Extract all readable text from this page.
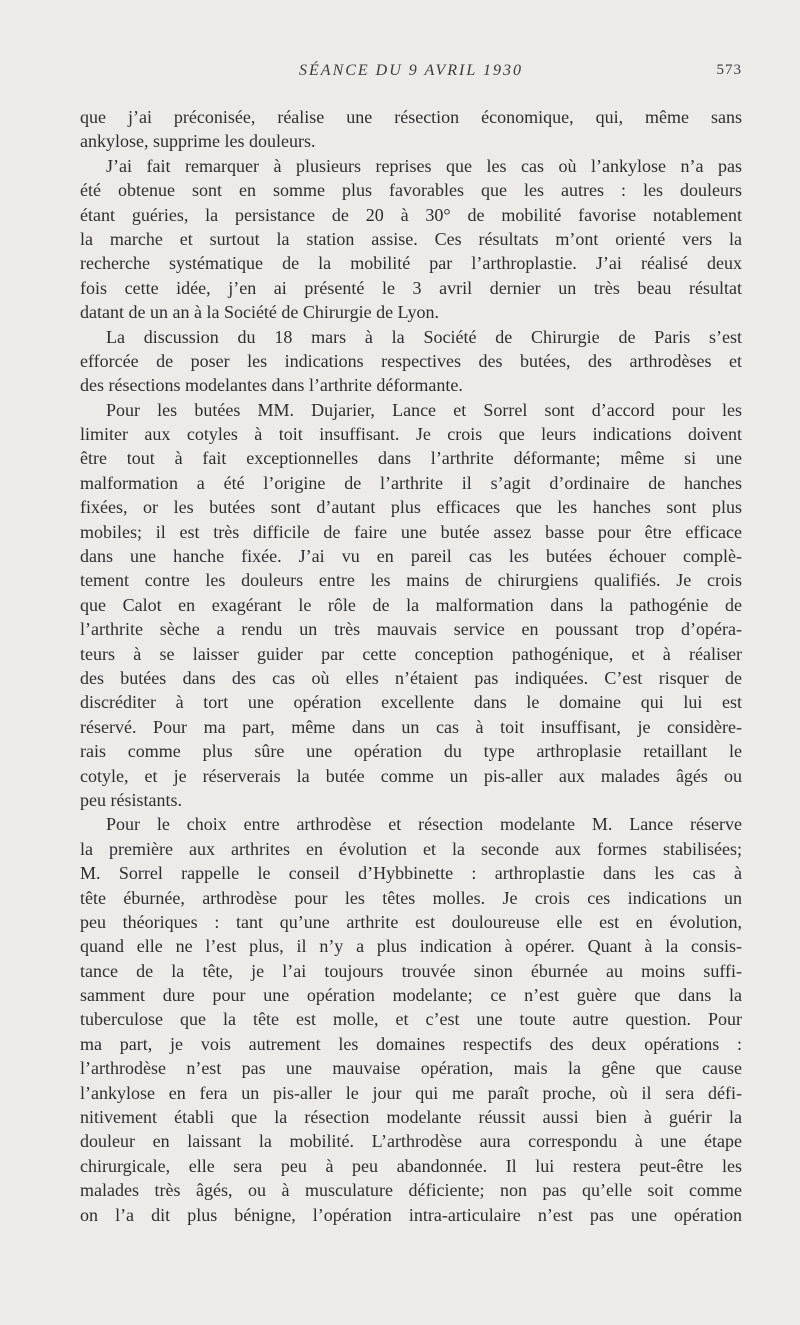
SÉANCE DU 9 AVRIL 1930	573
que j’ai préconisée, réalise une résection économique, qui, même sans
ankylose, supprime les douleurs.
J’ai fait remarquer à plusieurs reprises que les cas où l’ankylose n’a pas
été obtenue sont en somme plus favorables que les autres : les douleurs
étant guéries, la persistance de 20 à 30° de mobilité favorise notablement
la marche et surtout la station assise. Ces résultats m’ont orienté vers la
recherche systématique de la mobilité par l’arthroplastie. J’ai réalisé deux
fois cette idée, j’en ai présenté le 3 avril dernier un très beau résultat
datant de un an à la Société de Chirurgie de Lyon.
La discussion du 18 mars à la Société de Chirurgie de Paris s’est
efforcée de poser les indications respectives des butées, des arthrodèses et
des résections modelantes dans l’arthrite déformante.
Pour les butées MM. Dujarier, Lance et Sorrel sont d’accord pour les
limiter aux cotyles à toit insuffisant. Je crois que leurs indications doivent
être tout à fait exceptionnelles dans l’arthrite déformante; même si une
malformation a été l’origine de l’arthrite il s’agit d’ordinaire de hanches
fixées, or les butées sont d’autant plus efficaces que les hanches sont plus
mobiles; il est très difficile de faire une butée assez basse pour être efficace
dans une hanche fixée. J’ai vu en pareil cas les butées échouer complè-
tement contre les douleurs entre les mains de chirurgiens qualifiés. Je crois
que Calot en exagérant le rôle de la malformation dans la pathogénie de
l’arthrite sèche a rendu un très mauvais service en poussant trop d’opéra-
teurs à se laisser guider par cette conception pathogénique, et à réaliser
des butées dans des cas où elles n’étaient pas indiquées. C’est risquer de
discréditer à tort une opération excellente dans le domaine qui lui est
réservé. Pour ma part, même dans un cas à toit insuffisant, je considère-
rais comme plus sûre une opération du type arthroplasie retaillant le
cotyle, et je réserverais la butée comme un pis-aller aux malades âgés ou
peu résistants.
Pour le choix entre arthrodèse et résection modelante M. Lance réserve
la première aux arthrites en évolution et la seconde aux formes stabilisées;
M. Sorrel rappelle le conseil d’Hybbinette : arthroplastie dans les cas à
tête éburnée, arthrodèse pour les têtes molles. Je crois ces indications un
peu théoriques : tant qu’une arthrite est douloureuse elle est en évolution,
quand elle ne l’est plus, il n’y a plus indication à opérer. Quant à la consis-
tance de la tête, je l’ai toujours trouvée sinon éburnée au moins suffi-
samment dure pour une opération modelante; ce n’est guère que dans la
tuberculose que la tête est molle, et c’est une toute autre question. Pour
ma part, je vois autrement les domaines respectifs des deux opérations :
l’arthrodèse n’est pas une mauvaise opération, mais la gêne que cause
l’ankylose en fera un pis-aller le jour qui me paraît proche, où il sera défi-
nitivement établi que la résection modelante réussit aussi bien à guérir la
douleur en laissant la mobilité. L’arthrodèse aura correspondu à une étape
chirurgicale, elle sera peu à peu abandonnée. Il lui restera peut-être les
malades très âgés, ou à musculature déficiente; non pas qu’elle soit comme
on l’a dit plus bénigne, l’opération intra-articulaire n’est pas une opération
